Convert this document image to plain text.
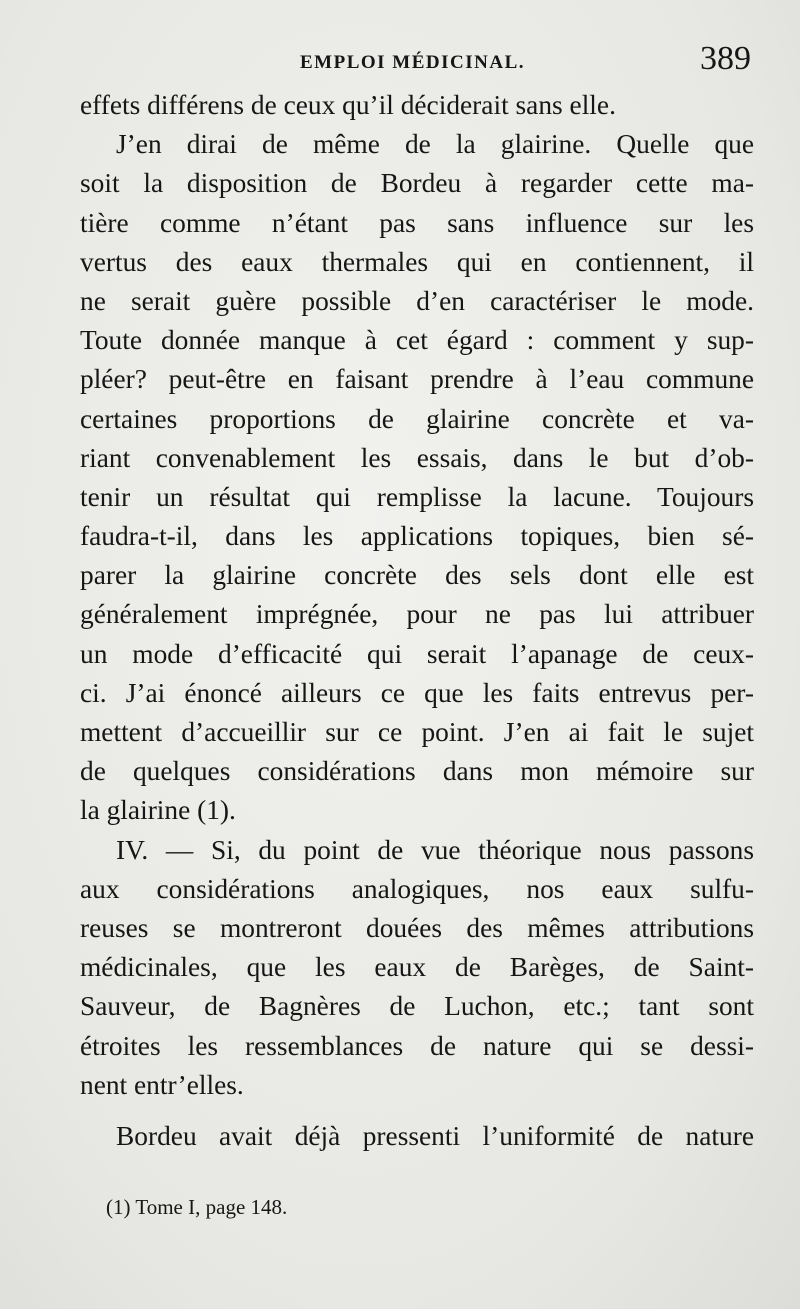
EMPLOI MÉDICINAL.	389
effets différens de ceux qu’il déciderait sans elle.
J’en dirai de même de la glairine. Quelle que
soit la disposition de Bordeu à regarder cette ma-
tière comme n’étant pas sans influence sur les
vertus des eaux thermales qui en contiennent, il
ne serait guère possible d’en caractériser le mode.
Toute donnée manque à cet égard : comment y sup-
pléer? peut-être en faisant prendre à l’eau commune
certaines proportions de glairine concrète et va-
riant convenablement les essais, dans le but d’ob-
tenir un résultat qui remplisse la lacune. Toujours
faudra-t-il, dans les applications topiques, bien sé-
parer la glairine concrète des sels dont elle est
généralement imprégnée, pour ne pas lui attribuer
un mode d’efficacité qui serait l’apanage de ceux-
ci. J’ai énoncé ailleurs ce que les faits entrevus per-
mettent d’accueillir sur ce point. J’en ai fait le sujet
de quelques considérations dans mon mémoire sur
la glairine (1).
IV. — Si, du point de vue théorique nous passons
aux considérations analogiques, nos eaux sulfu-
reuses se montreront douées des mêmes attributions
médicinales, que les eaux de Barèges, de Saint-
Sauveur, de Bagnères de Luchon, etc.; tant sont
étroites les ressemblances de nature qui se dessi-
nent entr’elles.
Bordeu avait déjà pressenti l’uniformité de nature
(1) Tome I, page 148.
